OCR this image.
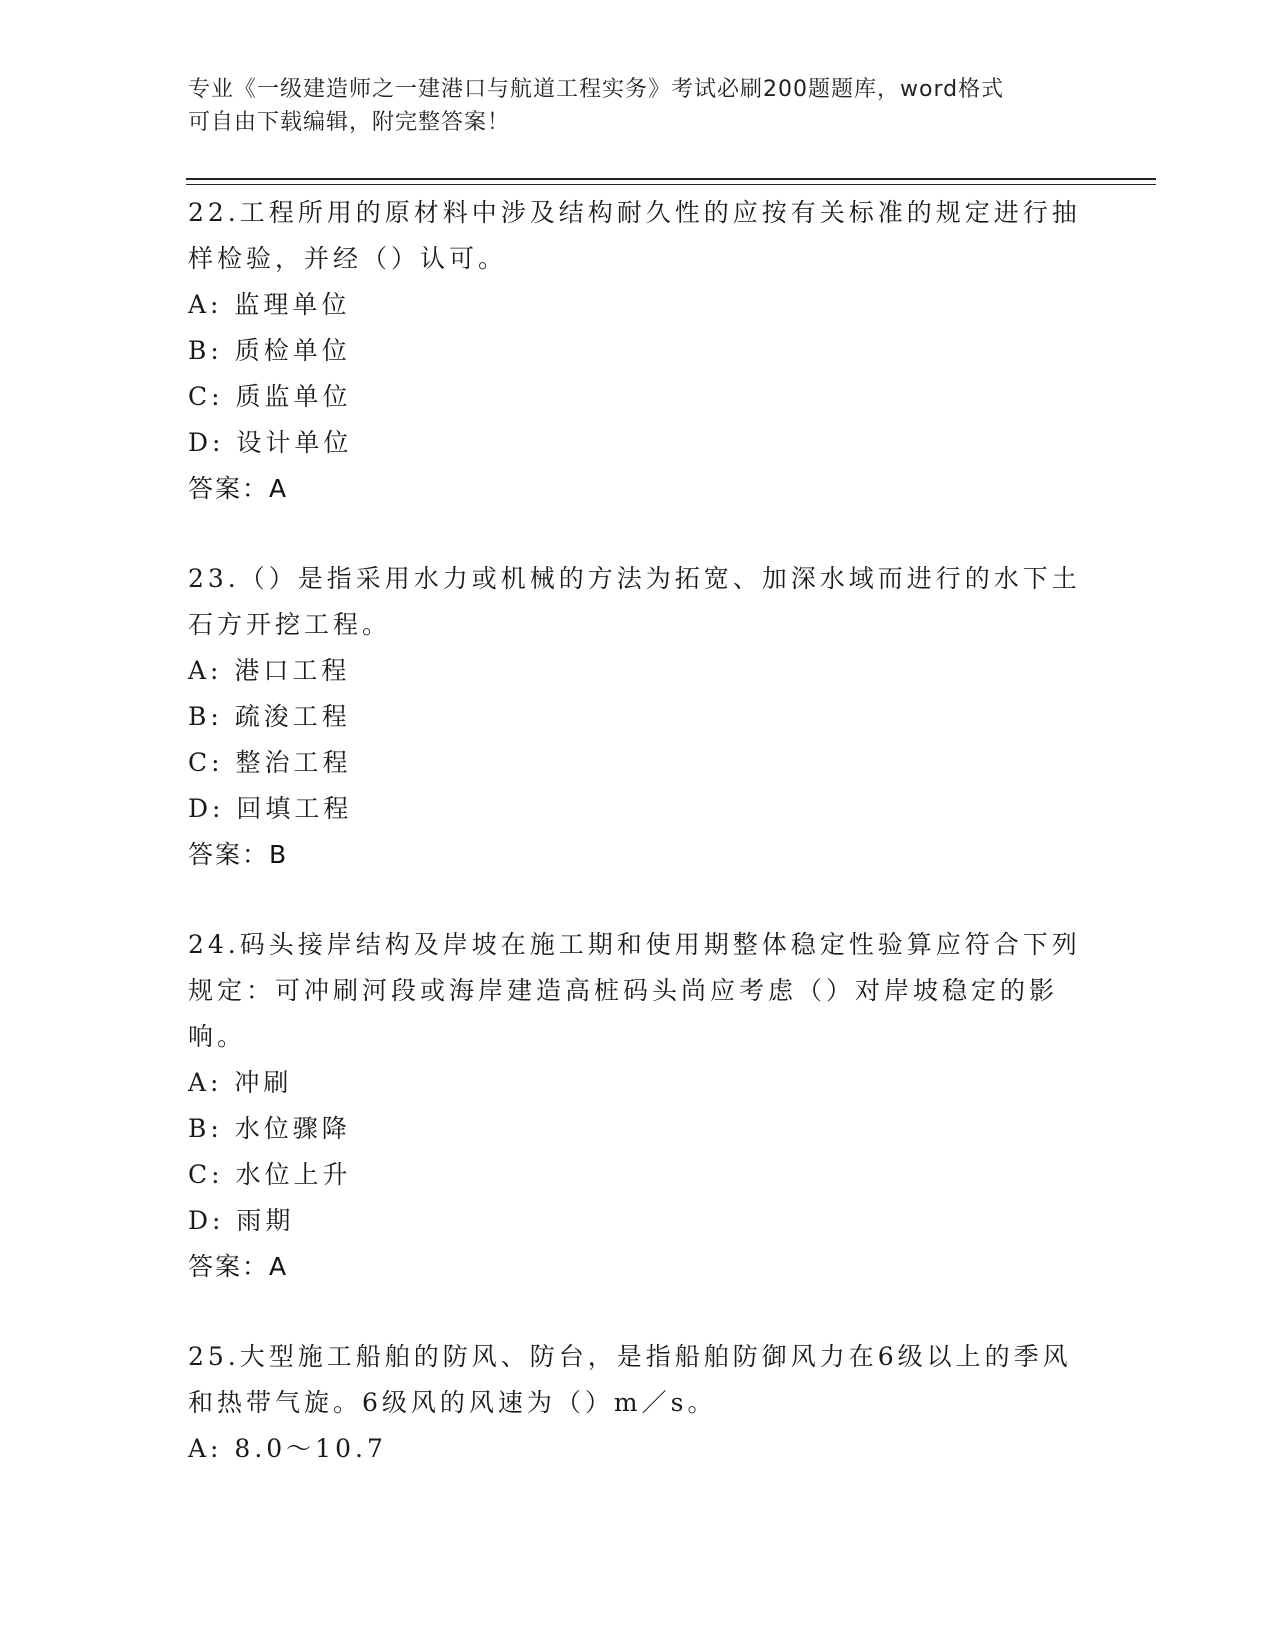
专业《一级建造师之一建港口与航道工程实务》考试必刷200题题库，word格式
可自由下载编辑，附完整答案！

22.工程所用的原材料中涉及结构耐久性的应按有关标准的规定进行抽样检验，并经（）认可。

A: 监理单位

B: 质检单位

C: 质监单位

D: 设计单位

答案：A

23.（）是指采用水力或机械的方法为拓宽、加深水域而进行的水下土石方开挖工程。

A: 港口工程

B: 疏浚工程

C: 整治工程

D: 回填工程

答案：B

24.码头接岸结构及岸坡在施工期和使用期整体稳定性验算应符合下列规定：可冲刷河段或海岸建造高桩码头尚应考虑（）对岸坡稳定的影响。

A: 冲刷

B: 水位骤降

C: 水位上升

D: 雨期

答案：A

25.大型施工船舶的防风、防台，是指船舶防御风力在6级以上的季风和热带气旋。6级风的风速为（）m／s。

A: 8.0～10.7
